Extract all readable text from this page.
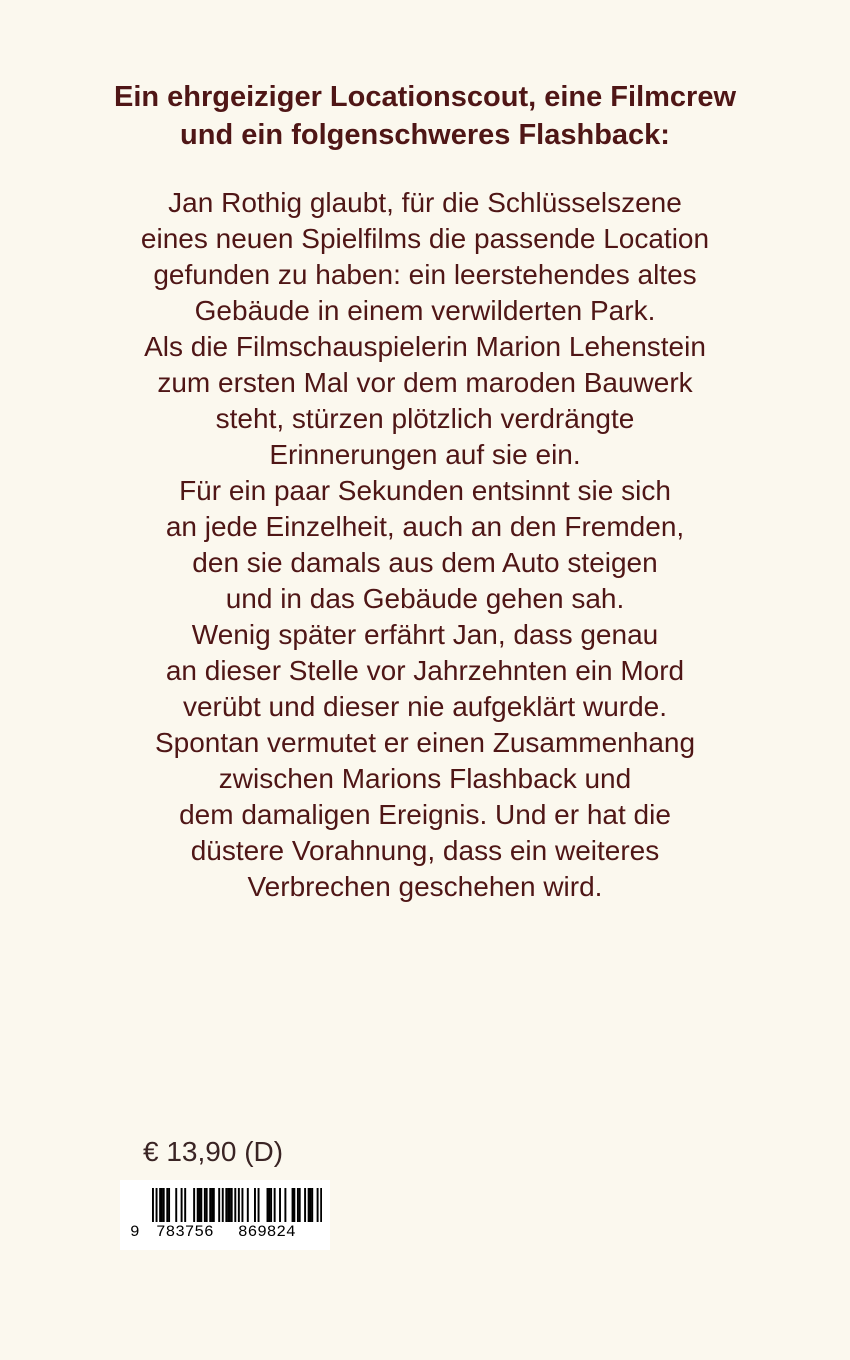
Ein ehrgeiziger Locationscout, eine Filmcrew
und ein folgenschweres Flashback:
Jan Rothig glaubt, für die Schlüsselszene
eines neuen Spielfilms die passende Location
gefunden zu haben: ein leerstehendes altes
Gebäude in einem verwilderten Park.
Als die Filmschauspielerin Marion Lehenstein
zum ersten Mal vor dem maroden Bauwerk
steht, stürzen plötzlich verdrängte
Erinnerungen auf sie ein.
Für ein paar Sekunden entsinnt sie sich
an jede Einzelheit, auch an den Fremden,
den sie damals aus dem Auto steigen
und in das Gebäude gehen sah.
Wenig später erfährt Jan, dass genau
an dieser Stelle vor Jahrzehnten ein Mord
verübt und dieser nie aufgeklärt wurde.
Spontan vermutet er einen Zusammenhang
zwischen Marions Flashback und
dem damaligen Ereignis. Und er hat die
düstere Vorahnung, dass ein weiteres
Verbrechen geschehen wird.
€ 13,90 (D)
9 783756 869824
